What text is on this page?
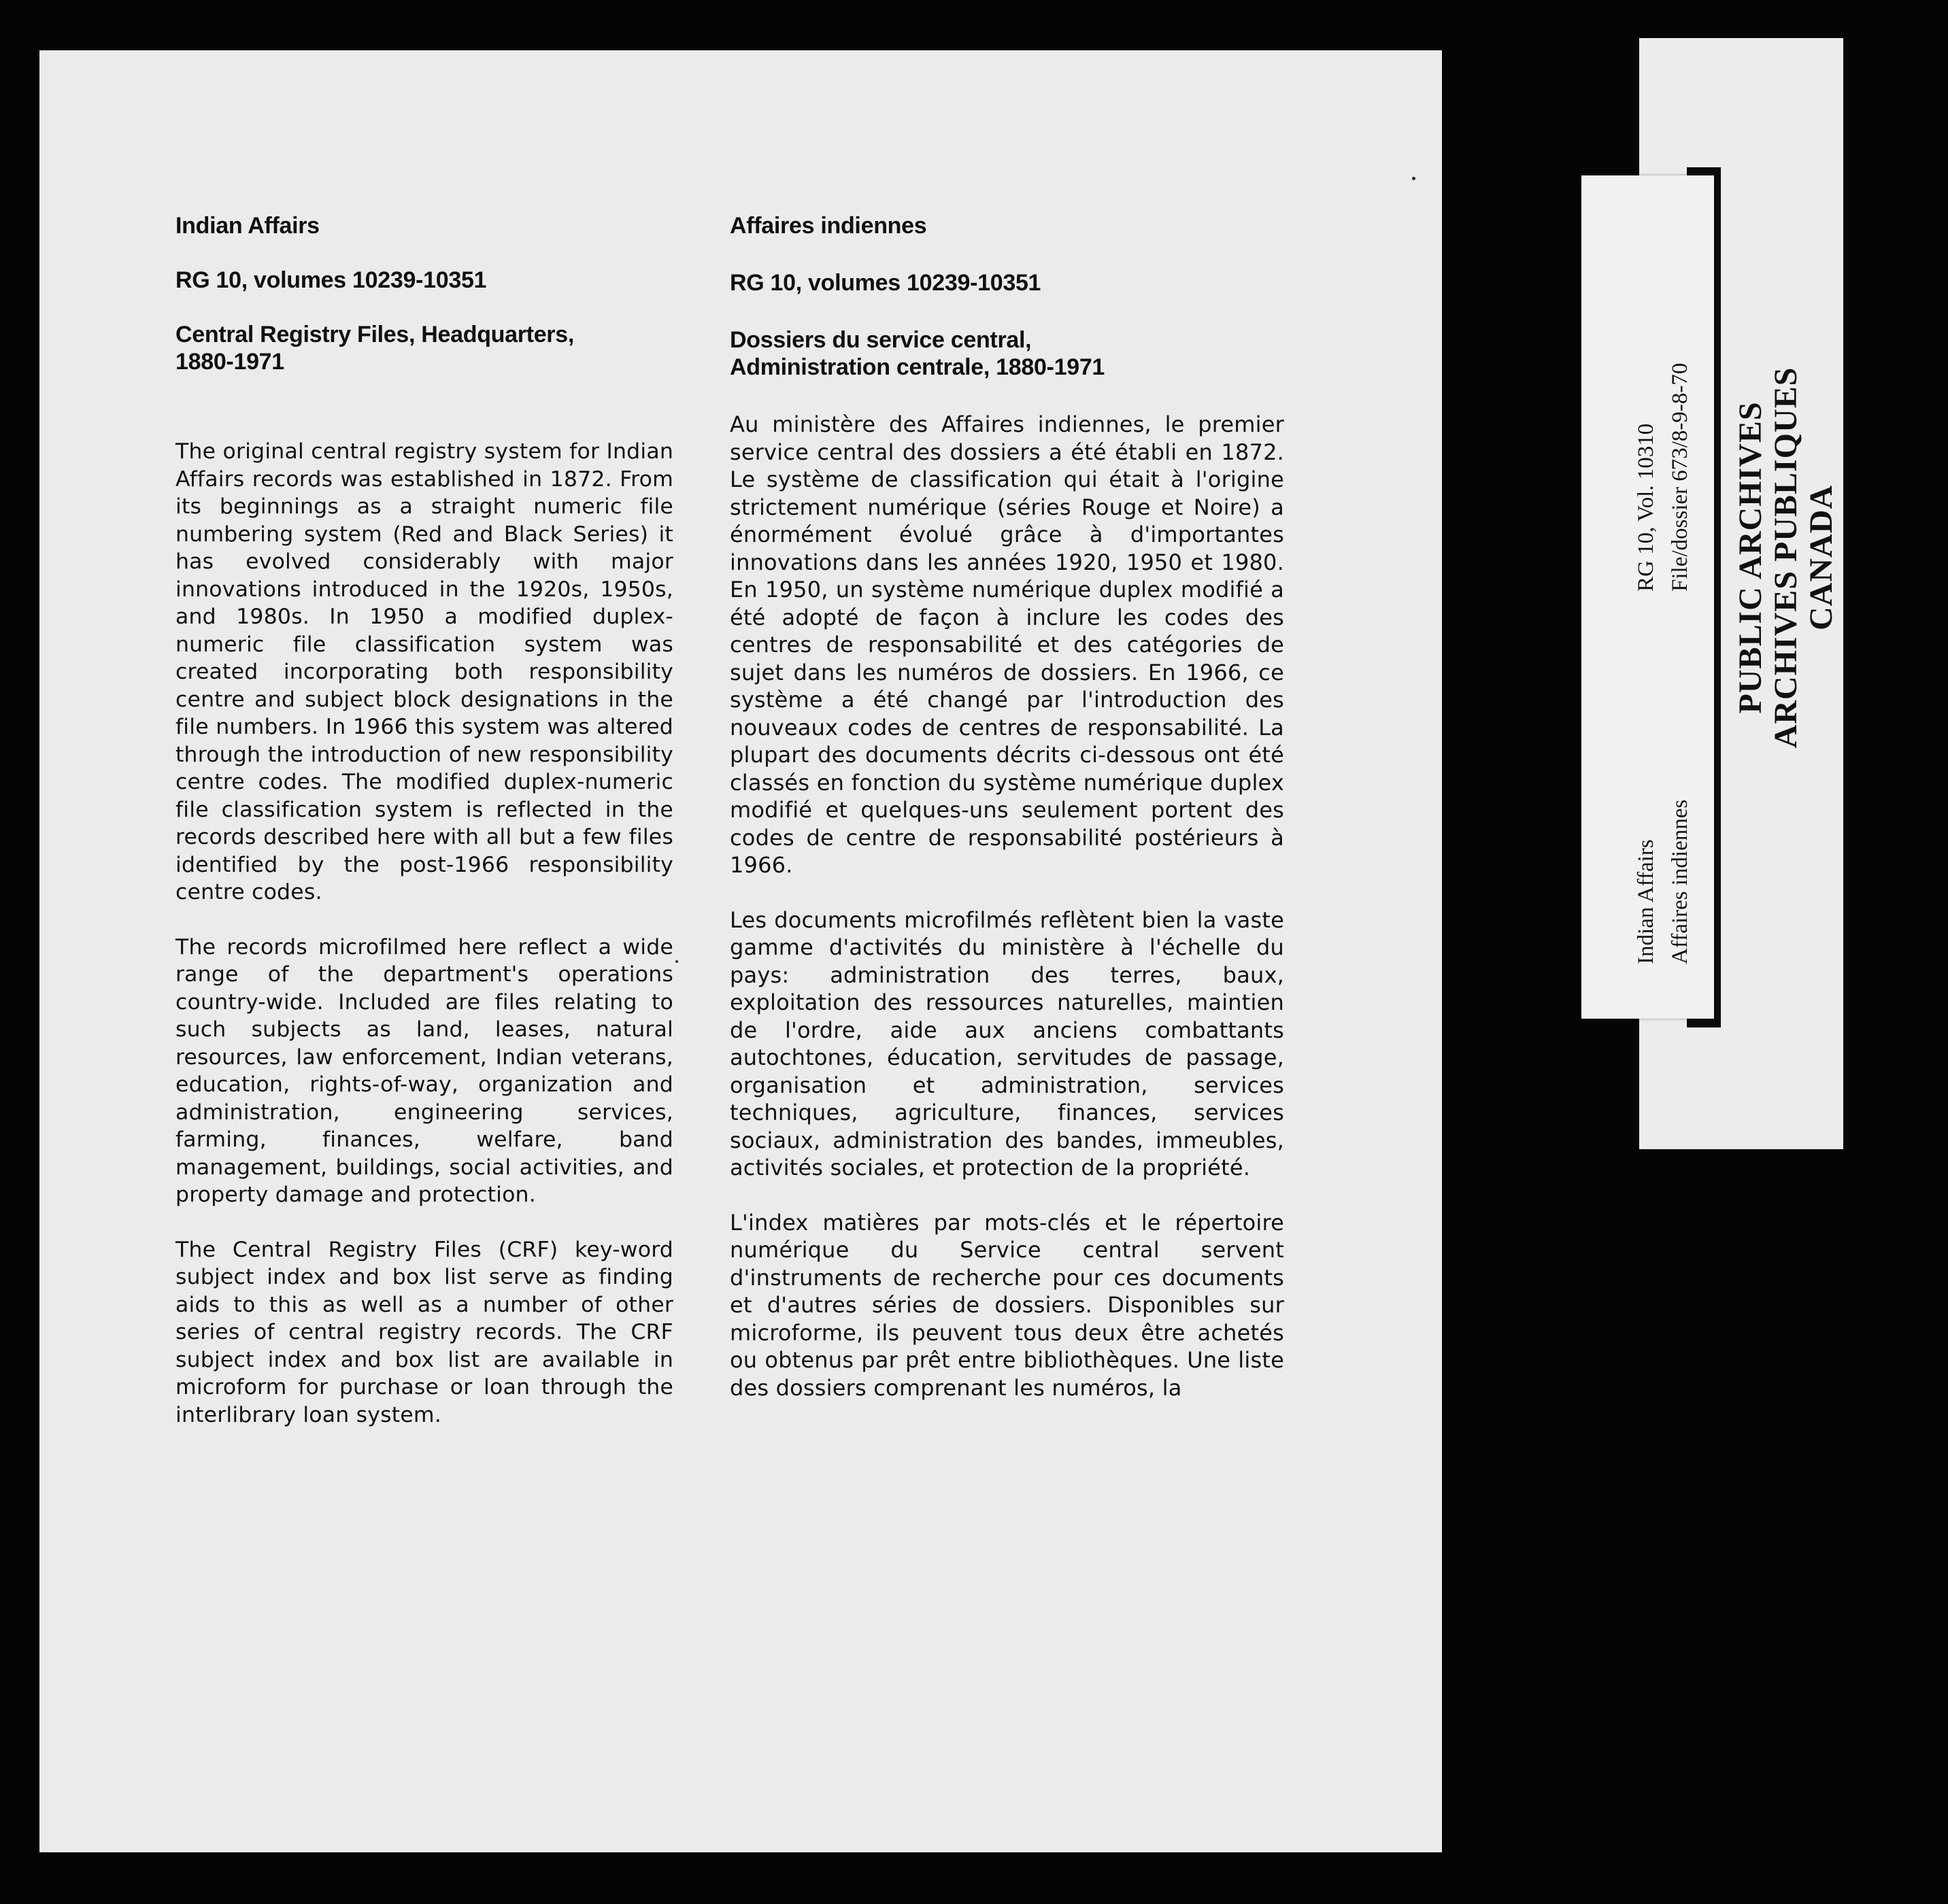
Indian Affairs
RG 10, volumes 10239-10351
Central Registry Files, Headquarters,
1880-1971

The original central registry system for Indian Affairs records was established in 1872. From its beginnings as a straight numeric file numbering system (Red and Black Series) it has evolved considerably with major innovations introduced in the 1920s, 1950s, and 1980s. In 1950 a modified duplex-numeric file classification system was created incorporating both responsibility centre and subject block designations in the file numbers. In 1966 this system was altered through the introduction of new responsibility centre codes. The modified duplex-numeric file classification system is reflected in the records described here with all but a few files identified by the post-1966 responsibility centre codes.

The records microfilmed here reflect a wide range of the department's operations country-wide. Included are files relating to such subjects as land, leases, natural resources, law enforcement, Indian veterans, education, rights-of-way, organization and administration, engineering services, farming, finances, welfare, band management, buildings, social activities, and property damage and protection.

The Central Registry Files (CRF) key-word subject index and box list serve as finding aids to this as well as a number of other series of central registry records. The CRF subject index and box list are available in microform for purchase or loan through the interlibrary loan system.

Affaires indiennes
RG 10, volumes 10239-10351
Dossiers du service central,
Administration centrale, 1880-1971

Au ministère des Affaires indiennes, le premier service central des dossiers a été établi en 1872. Le système de classification qui était à l'origine strictement numérique (séries Rouge et Noire) a énormément évolué grâce à d'importantes innovations dans les années 1920, 1950 et 1980. En 1950, un système numérique duplex modifié a été adopté de façon à inclure les codes des centres de responsabilité et des catégories de sujet dans les numéros de dossiers. En 1966, ce système a été changé par l'introduction des nouveaux codes de centres de responsabilité. La plupart des documents décrits ci-dessous ont été classés en fonction du système numérique duplex modifié et quelques-uns seulement portent des codes de centre de responsabilité postérieurs à 1966.

Les documents microfilmés reflètent bien la vaste gamme d'activités du ministère à l'échelle du pays: administration des terres, baux, exploitation des ressources naturelles, maintien de l'ordre, aide aux anciens combattants autochtones, éducation, servitudes de passage, organisation et administration, services techniques, agriculture, finances, services sociaux, administration des bandes, immeubles, activités sociales, et protection de la propriété.

L'index matières par mots-clés et le répertoire numérique du Service central servent d'instruments de recherche pour ces documents et d'autres séries de dossiers. Disponibles sur microforme, ils peuvent tous deux être achetés ou obtenus par prêt entre bibliothèques. Une liste des dossiers comprenant les numéros, la

Indian Affairs Affaires indiennes
RG 10, Vol. 10310 File/dossier 673/8-9-8-70 PUBLIC ARCHIVES ARCHIVES PUBLIQUES CANADA
